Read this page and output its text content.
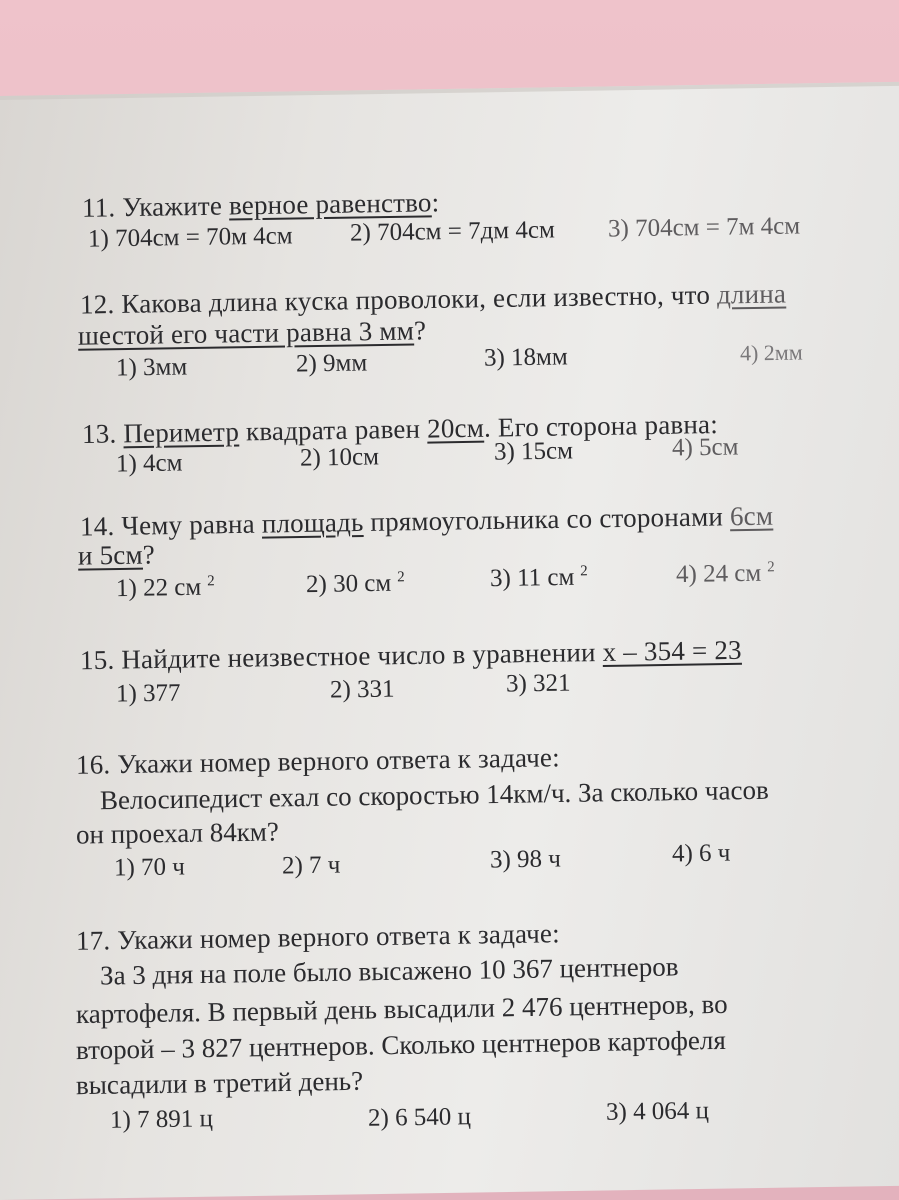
11. Укажите верное равенство:
1) 704см = 70м 4см 2) 704см = 7дм 4см 3) 704см = 7м 4см
12. Какова длина куска проволоки, если известно, что длина
шестой его части равна 3 мм?
1) 3мм	2) 9мм	3) 18мм	4) 2мм
13. Периметр квадрата равен 20см. Его сторона равна:
1) 4см	2) 10см	3) 15см	4) 5см
14. Чему равна площадь прямоугольника со сторонами 6см
и 5см?
1) 22 см $^2$	2) 30 см $^2$	3) 11 см $^2$	4) 24 см $^2$
15. Найдите неизвестное число в уравнении х – 354 = 23
1) 377	2) 331	3) 321
16. Укажи номер верного ответа к задаче:
Велосипедист ехал со скоростью 14км/ч. За сколько часов
он проехал 84км?
1) 70 ч	2) 7 ч	3) 98 ч	4) 6 ч
17. Укажи номер верного ответа к задаче:
За 3 дня на поле было высажено 10 367 центнеров
картофеля. В первый день высадили 2 476 центнеров, во
второй – 3 827 центнеров. Сколько центнеров картофеля
высадили в третий день?
1) 7 891 ц	2) 6 540 ц	3) 4 064 ц
